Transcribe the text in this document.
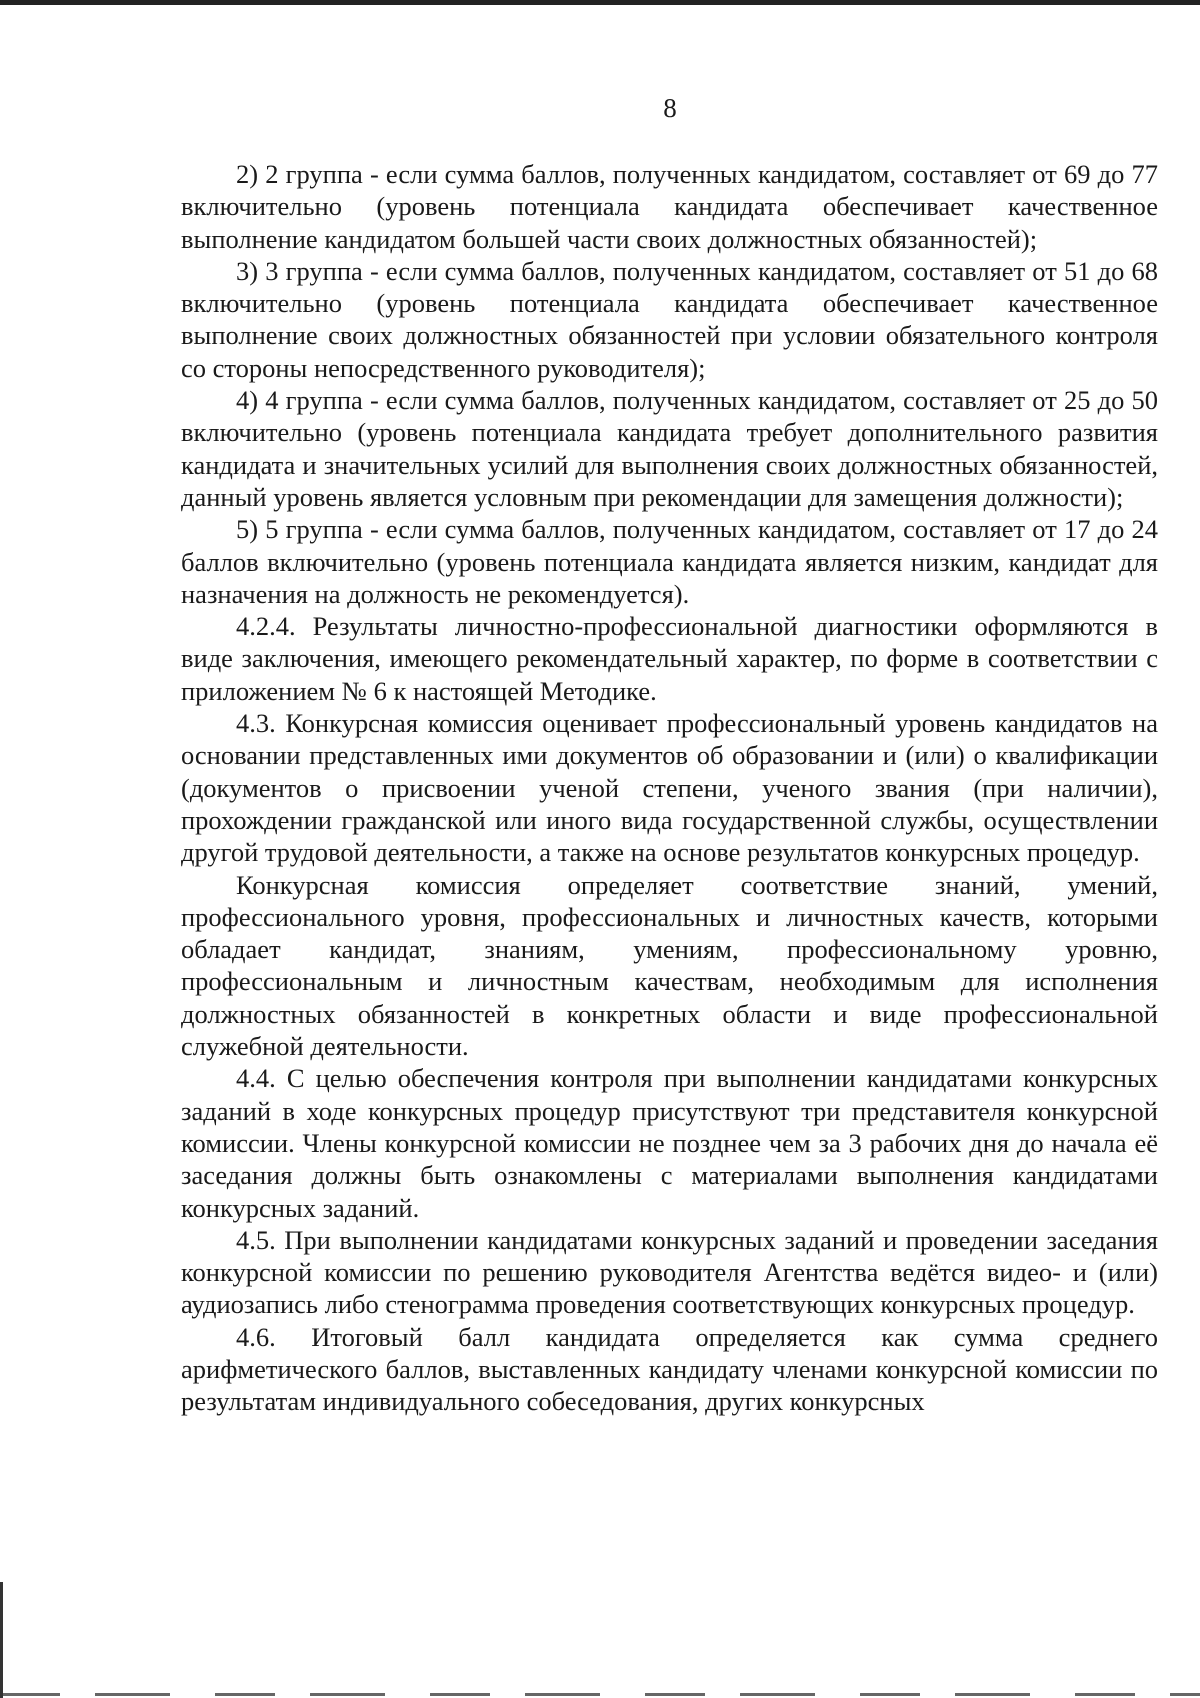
8

2) 2 группа - если сумма баллов, полученных кандидатом, составляет от 69 до 77 включительно (уровень потенциала кандидата обеспечивает качественное выполнение кандидатом большей части своих должностных обязанностей);

3) 3 группа - если сумма баллов, полученных кандидатом, составляет от 51 до 68 включительно (уровень потенциала кандидата обеспечивает качественное выполнение своих должностных обязанностей при условии обязательного контроля со стороны непосредственного руководителя);

4) 4 группа - если сумма баллов, полученных кандидатом, составляет от 25 до 50 включительно (уровень потенциала кандидата требует дополнительного развития кандидата и значительных усилий для выполнения своих должностных обязанностей, данный уровень является условным при рекомендации для замещения должности);

5) 5 группа - если сумма баллов, полученных кандидатом, составляет от 17 до 24 баллов включительно (уровень потенциала кандидата является низким, кандидат для назначения на должность не рекомендуется).

4.2.4. Результаты личностно-профессиональной диагностики оформляются в виде заключения, имеющего рекомендательный характер, по форме в соответствии с приложением № 6 к настоящей Методике.

4.3. Конкурсная комиссия оценивает профессиональный уровень кандидатов на основании представленных ими документов об образовании и (или) о квалификации (документов о присвоении ученой степени, ученого звания (при наличии), прохождении гражданской или иного вида государственной службы, осуществлении другой трудовой деятельности, а также на основе результатов конкурсных процедур.

Конкурсная комиссия определяет соответствие знаний, умений, профессионального уровня, профессиональных и личностных качеств, которыми обладает кандидат, знаниям, умениям, профессиональному уровню, профессиональным и личностным качествам, необходимым для исполнения должностных обязанностей в конкретных области и виде профессиональной служебной деятельности.

4.4. С целью обеспечения контроля при выполнении кандидатами конкурсных заданий в ходе конкурсных процедур присутствуют три представителя конкурсной комиссии. Члены конкурсной комиссии не позднее чем за 3 рабочих дня до начала её заседания должны быть ознакомлены с материалами выполнения кандидатами конкурсных заданий.

4.5. При выполнении кандидатами конкурсных заданий и проведении заседания конкурсной комиссии по решению руководителя Агентства ведётся видео- и (или) аудиозапись либо стенограмма проведения соответствующих конкурсных процедур.

4.6. Итоговый балл кандидата определяется как сумма среднего арифметического баллов, выставленных кандидату членами конкурсной комиссии по результатам индивидуального собеседования, других конкурсных
